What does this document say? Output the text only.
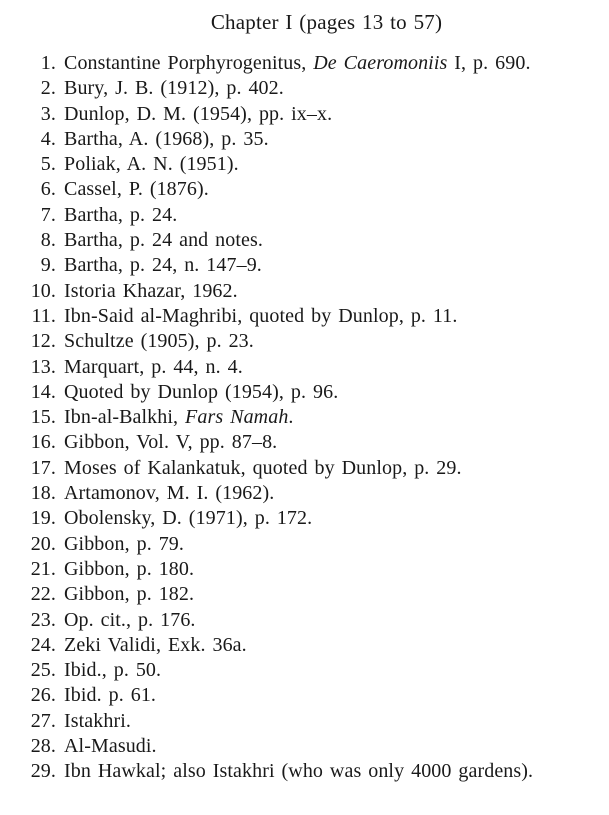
Chapter I (pages 13 to 57)
1. Constantine Porphyrogenitus, De Caeromoniis I, p. 690.
2. Bury, J. B. (1912), p. 402.
3. Dunlop, D. M. (1954), pp. ix–x.
4. Bartha, A. (1968), p. 35.
5. Poliak, A. N. (1951).
6. Cassel, P. (1876).
7. Bartha, p. 24.
8. Bartha, p. 24 and notes.
9. Bartha, p. 24, n. 147–9.
10. Istoria Khazar, 1962.
11. Ibn-Said al-Maghribi, quoted by Dunlop, p. 11.
12. Schultze (1905), p. 23.
13. Marquart, p. 44, n. 4.
14. Quoted by Dunlop (1954), p. 96.
15. Ibn-al-Balkhi, Fars Namah.
16. Gibbon, Vol. V, pp. 87–8.
17. Moses of Kalankatuk, quoted by Dunlop, p. 29.
18. Artamonov, M. I. (1962).
19. Obolensky, D. (1971), p. 172.
20. Gibbon, p. 79.
21. Gibbon, p. 180.
22. Gibbon, p. 182.
23. Op. cit., p. 176.
24. Zeki Validi, Exk. 36a.
25. Ibid., p. 50.
26. Ibid. p. 61.
27. Istakhri.
28. Al-Masudi.
29. Ibn Hawkal; also Istakhri (who was only 4000 gardens).
